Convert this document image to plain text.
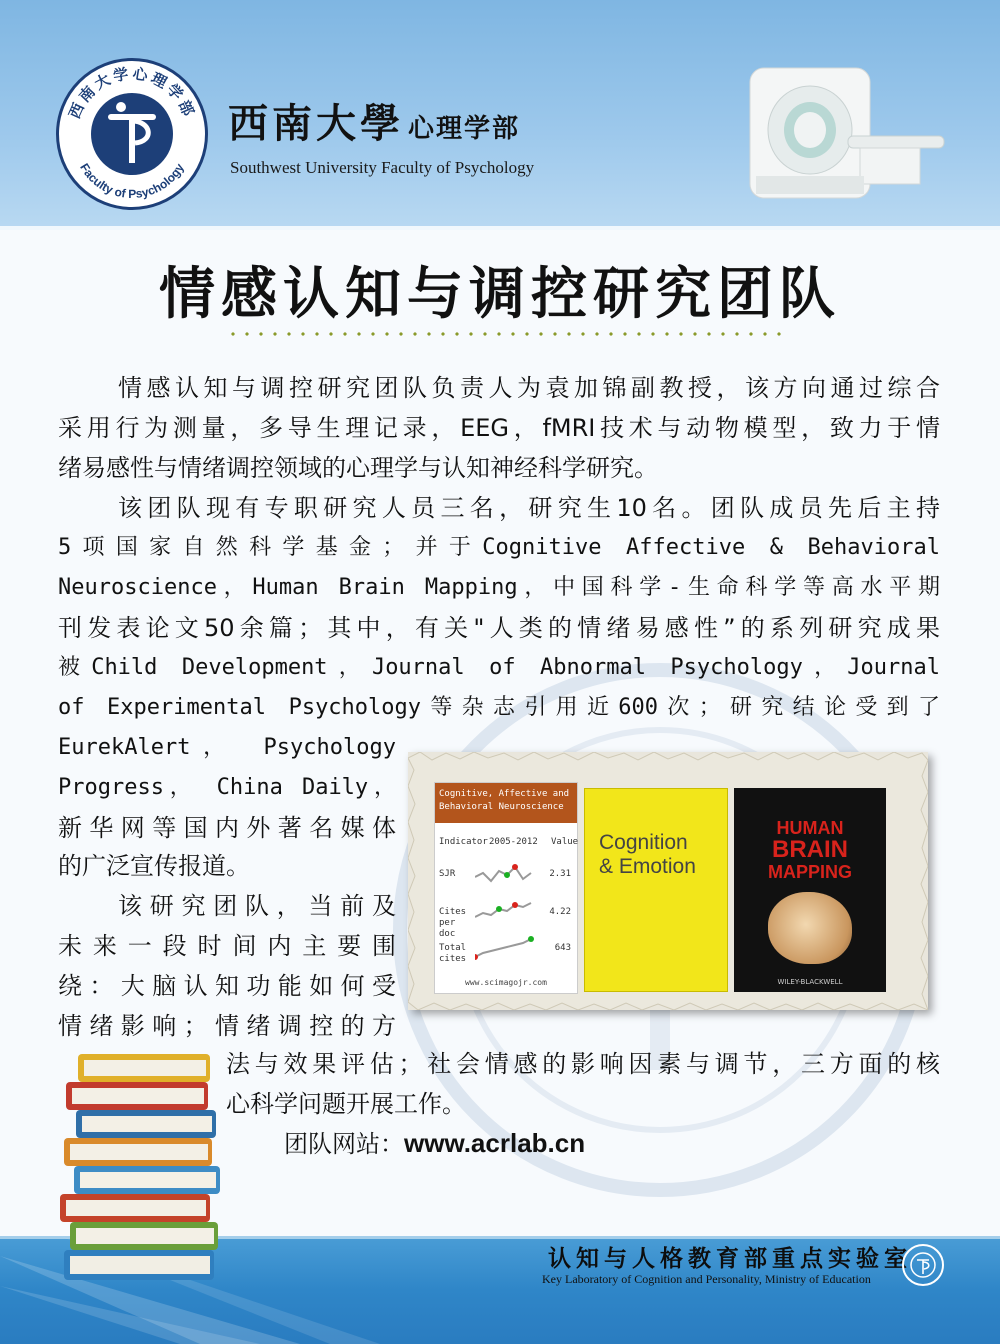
西南大学心理学部
Faculty of Psychology
西南大學 心理学部
Southwest University Faculty of Psychology
情感认知与调控研究团队
情感认知与调控研究团队负责人为袁加锦副教授，该方向通过综合
采用行为测量，多导生理记录，EEG，fMRI技术与动物模型，致力于情
绪易感性与情绪调控领域的心理学与认知神经科学研究。
该团队现有专职研究人员三名，研究生10名。团队成员先后主持
5项国家自然科学基金；并于Cognitive Affective & Behavioral
Neuroscience，Human Brain Mapping，中国科学-生命科学等高水平期
刊发表论文50余篇；其中，有关"人类的情绪易感性”的系列研究成果
被Child Development，Journal of Abnormal Psychology，Journal
of Experimental Psychology等杂志引用近600次；研究结论受到了
EurekAlert， Psychology
Progress， China Daily，
新华网等国内外著名媒体
的广泛宣传报道。
该研究团队，当前及
未来一段时间内主要围
绕：大脑认知功能如何受
情绪影响；情绪调控的方
法与效果评估；社会情感的影响因素与调节，三方面的核
心科学问题开展工作。
团队网站：www.acrlab.cn
Cognitive, Affective and Behavioral Neuroscience
Indicator 2005-2012 Value
SJR	2.31
Cites per doc
4.22
Total cites
643
www.scimagojr.com
Cognition
& Emotion
HUMAN
BRAIN
MAPPING
WILEY-BLACKWELL
认知与人格教育部重点实验室
Key Laboratory of Cognition and Personality, Ministry of Education
